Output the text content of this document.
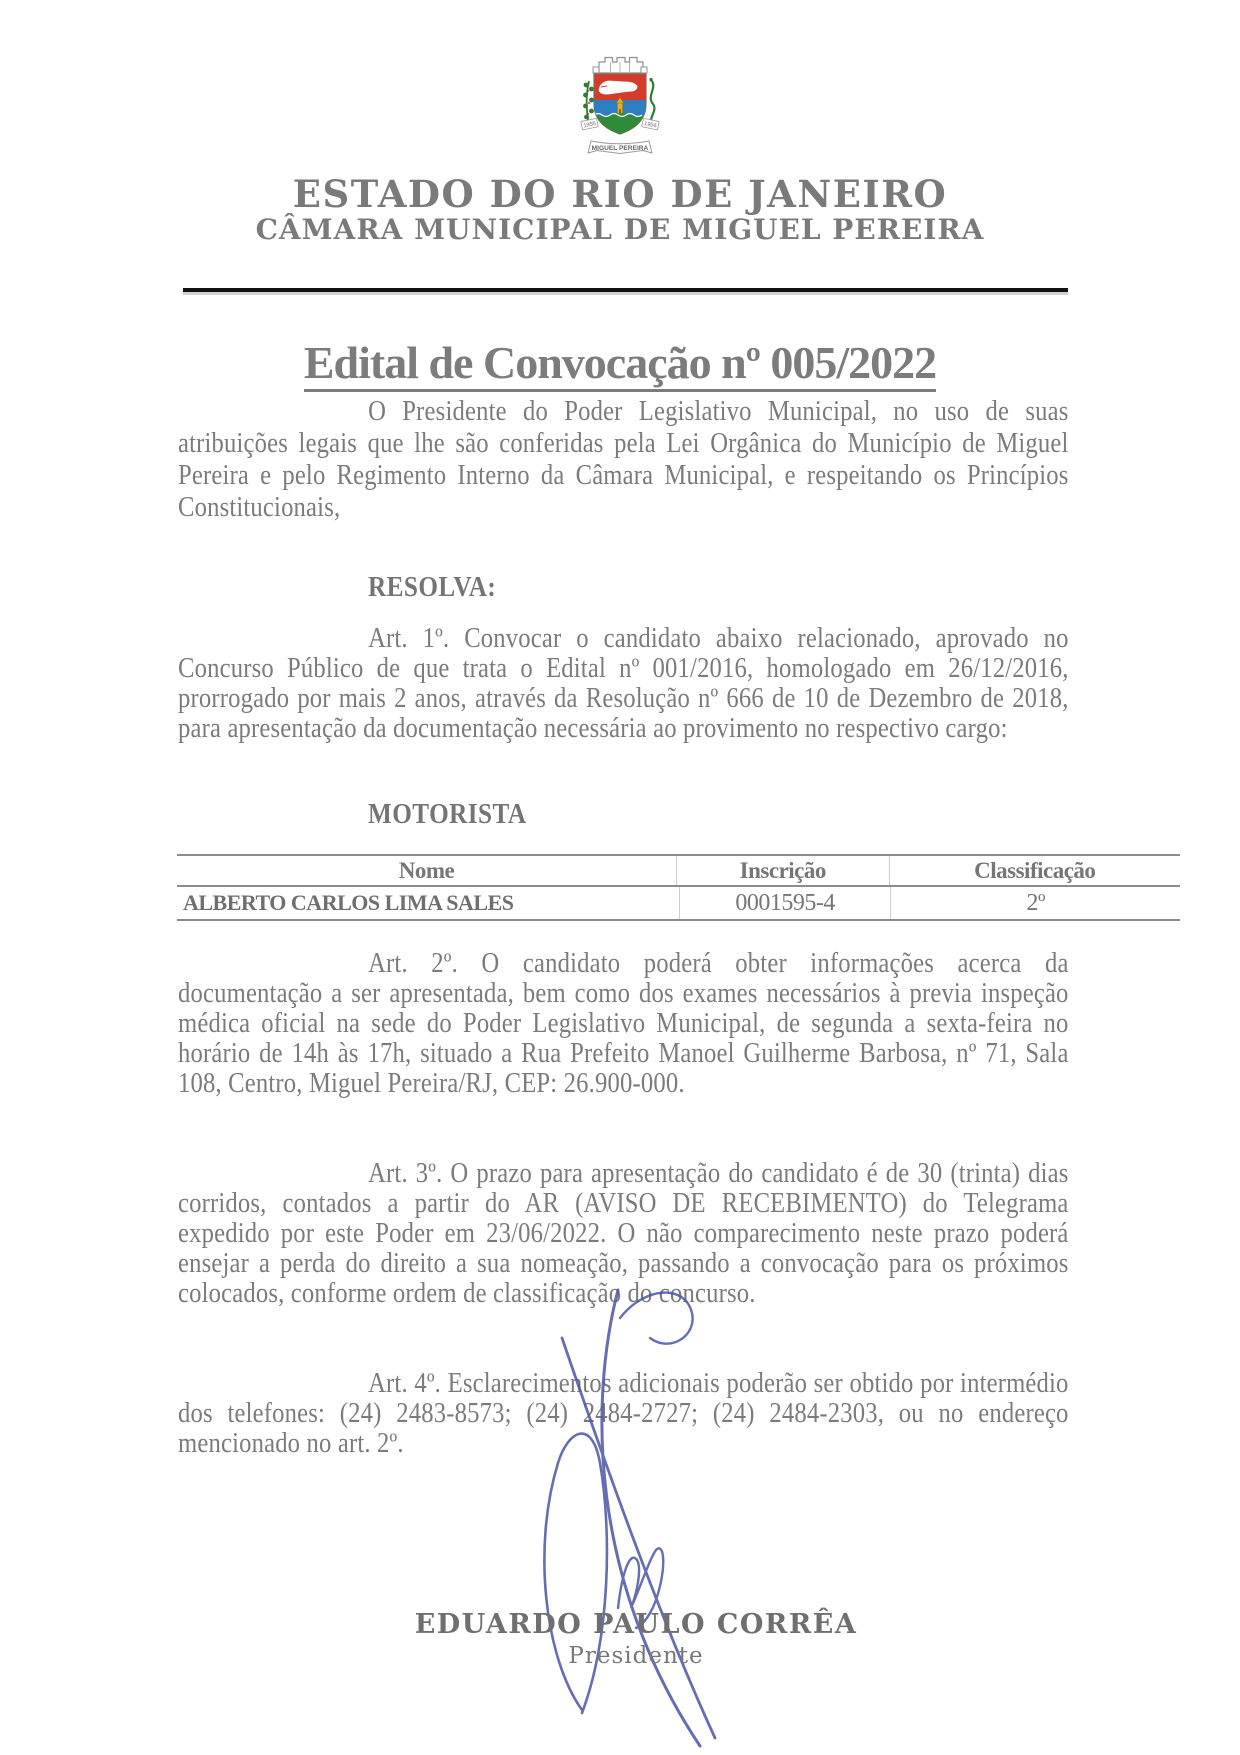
1955	1956
MIGUEL PEREIRA
ESTADO DO RIO DE JANEIRO
CÂMARA MUNICIPAL DE MIGUEL PEREIRA
Edital de Convocação nº 005/2022
O Presidente do Poder Legislativo Municipal, no uso de suas atribuições legais que lhe são conferidas pela Lei Orgânica do Município de Miguel Pereira e pelo Regimento Interno da Câmara Municipal, e respeitando os Princípios Constitucionais,
RESOLVA:
Art. 1º. Convocar o candidato abaixo relacionado, aprovado no Concurso Público de que trata o Edital nº 001/2016, homologado em 26/12/2016, prorrogado por mais 2 anos, através da Resolução nº 666 de 10 de Dezembro de 2018, para apresentação da documentação necessária ao provimento no respectivo cargo:
MOTORISTA
Nome	Inscrição	Classificação
ALBERTO CARLOS LIMA SALES	0001595-4	2º
Art. 2º. O candidato poderá obter informações acerca da documentação a ser apresentada, bem como dos exames necessários à previa inspeção médica oficial na sede do Poder Legislativo Municipal, de segunda a sexta-feira no horário de 14h às 17h, situado a Rua Prefeito Manoel Guilherme Barbosa, nº 71, Sala 108, Centro, Miguel Pereira/RJ, CEP: 26.900-000.
Art. 3º. O prazo para apresentação do candidato é de 30 (trinta) dias corridos, contados a partir do AR (AVISO DE RECEBIMENTO) do Telegrama expedido por este Poder em 23/06/2022. O não comparecimento neste prazo poderá ensejar a perda do direito a sua nomeação, passando a convocação para os próximos colocados, conforme ordem de classificação do concurso.
Art. 4º. Esclarecimentos adicionais poderão ser obtido por intermédio dos telefones: (24) 2483-8573; (24) 2484-2727; (24) 2484-2303, ou no endereço mencionado no art. 2º.
EDUARDO PAULO CORRÊA
Presidente
